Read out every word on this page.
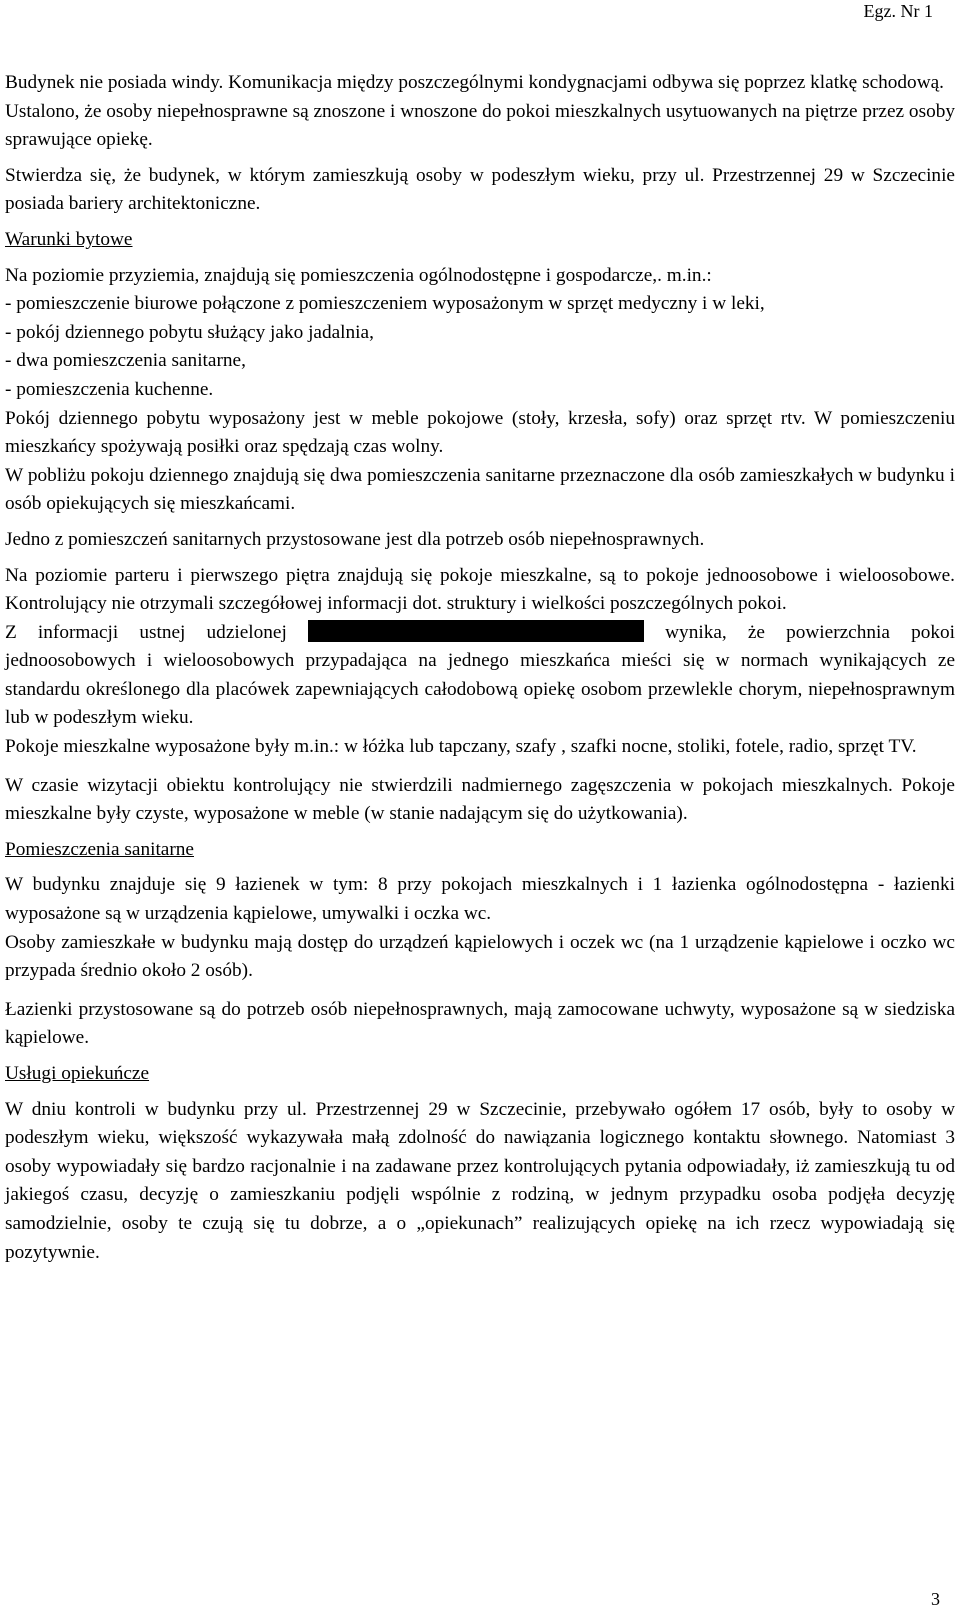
Egz. Nr 1

Budynek nie posiada windy. Komunikacja między poszczególnymi kondygnacjami odbywa się poprzez klatkę schodową.

Ustalono, że osoby niepełnosprawne są znoszone i wnoszone do pokoi mieszkalnych usytuowanych na piętrze przez osoby sprawujące opiekę.

Stwierdza się, że budynek, w którym zamieszkują osoby w podeszłym wieku, przy ul. Przestrzennej 29 w Szczecinie posiada bariery architektoniczne.

Warunki bytowe

Na poziomie przyziemia, znajdują się pomieszczenia ogólnodostępne i gospodarcze,. m.in.:

- pomieszczenie biurowe połączone z pomieszczeniem wyposażonym w sprzęt medyczny i w leki,

- pokój dziennego pobytu służący jako jadalnia,

- dwa pomieszczenia sanitarne,

- pomieszczenia kuchenne.

Pokój dziennego pobytu wyposażony jest w meble pokojowe (stoły, krzesła, sofy) oraz sprzęt rtv. W pomieszczeniu mieszkańcy spożywają posiłki oraz spędzają czas wolny.

W pobliżu pokoju dziennego znajdują się dwa pomieszczenia sanitarne przeznaczone dla osób zamieszkałych w budynku i osób opiekujących się mieszkańcami.

Jedno z pomieszczeń sanitarnych przystosowane jest dla potrzeb osób niepełnosprawnych.

Na poziomie parteru i pierwszego piętra znajdują się pokoje mieszkalne, są to pokoje jednoosobowe i wieloosobowe. Kontrolujący nie otrzymali szczegółowej informacji dot. struktury i wielkości poszczególnych pokoi.

Z informacji ustnej udzielonej	wynika, że powierzchnia pokoi jednoosobowych i wieloosobowych przypadająca na jednego mieszkańca mieści się w normach wynikających ze standardu określonego dla placówek zapewniających całodobową opiekę osobom przewlekle chorym, niepełnosprawnym lub w podeszłym wieku.

Pokoje mieszkalne wyposażone były m.in.: w łóżka lub tapczany, szafy , szafki nocne, stoliki, fotele, radio, sprzęt TV.

W czasie wizytacji obiektu kontrolujący nie stwierdzili nadmiernego zagęszczenia w pokojach mieszkalnych. Pokoje mieszkalne były czyste, wyposażone w meble (w stanie nadającym się do użytkowania).

Pomieszczenia sanitarne

W budynku znajduje się 9 łazienek w tym: 8 przy pokojach mieszkalnych i 1 łazienka ogólnodostępna - łazienki wyposażone są w urządzenia kąpielowe, umywalki i oczka wc.

Osoby zamieszkałe w budynku mają dostęp do urządzeń kąpielowych i oczek wc (na 1 urządzenie kąpielowe i oczko wc przypada średnio około 2 osób).

Łazienki przystosowane są do potrzeb osób niepełnosprawnych, mają zamocowane uchwyty, wyposażone są w siedziska kąpielowe.

Usługi opiekuńcze

W dniu kontroli w budynku przy ul. Przestrzennej 29 w Szczecinie, przebywało ogółem 17 osób, były to osoby w podeszłym wieku, większość wykazywała małą zdolność do nawiązania logicznego kontaktu słownego. Natomiast 3 osoby wypowiadały się bardzo racjonalnie i na zadawane przez kontrolujących pytania odpowiadały, iż zamieszkują tu od jakiegoś czasu, decyzję o zamieszkaniu podjęli wspólnie z rodziną, w jednym przypadku osoba podjęła decyzję samodzielnie, osoby te czują się tu dobrze, a o „opiekunach” realizujących opiekę na ich rzecz wypowiadają się pozytywnie.

3
